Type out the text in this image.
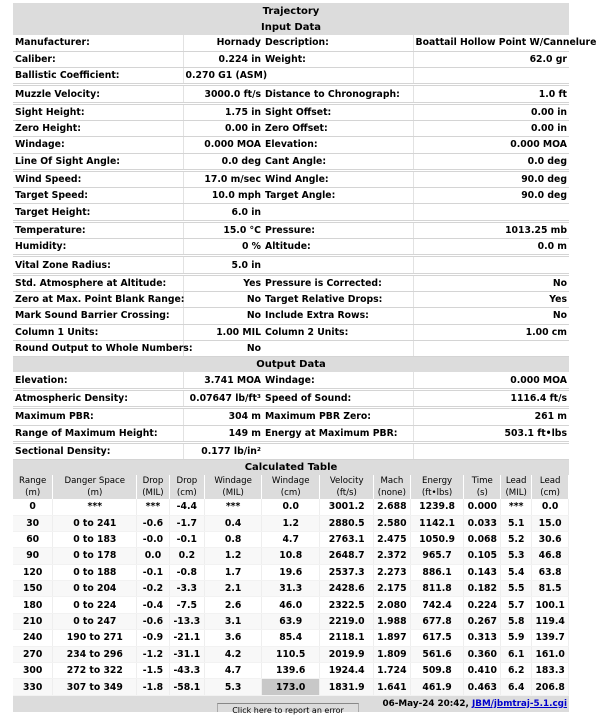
Trajectory
Input Data
Manufacturer:	Hornady	Description:	Boattail Hollow Point W/Cannelure
Caliber:	0.224 in	Weight:	62.0 gr
Ballistic Coefficient:	0.270 G1 (ASM)		

Muzzle Velocity:	3000.0 ft/s	Distance to Chronograph:	1.0 ft

Sight Height:	1.75 in	Sight Offset:	0.00 in
Zero Height:	0.00 in	Zero Offset:	0.00 in
Windage:	0.000 MOA	Elevation:	0.000 MOA
Line Of Sight Angle:	0.0 deg	Cant Angle:	0.0 deg

Wind Speed:	17.0 m/sec	Wind Angle:	90.0 deg
Target Speed:	10.0 mph	Target Angle:	90.0 deg
Target Height:	6.0 in		

Temperature:	15.0 °C	Pressure:	1013.25 mb
Humidity:	0 %	Altitude:	0.0 m

Vital Zone Radius:	5.0 in		

Std. Atmosphere at Altitude:	Yes	Pressure is Corrected:	No
Zero at Max. Point Blank Range:	No	Target Relative Drops:	Yes
Mark Sound Barrier Crossing:	No	Include Extra Rows:	No
Column 1 Units:	1.00 MIL	Column 2 Units:	1.00 cm
Round Output to Whole Numbers:	No		
Output Data
Elevation:	3.741 MOA	Windage:	0.000 MOA

Atmospheric Density:	0.07647 lb/ft³	Speed of Sound:	1116.4 ft/s

Maximum PBR:	304 m	Maximum PBR Zero:	261 m
Range of Maximum Height:	149 m	Energy at Maximum PBR:	503.1 ft•lbs

Sectional Density:	0.177 lb/in²		
Calculated Table
Range	Danger Space	Drop	Drop	Windage	Windage	Velocity	Mach	Energy	Time	Lead	Lead
(m)	(m)	(MIL)	(cm)	(MIL)	(cm)	(ft/s)	(none)	(ft•lbs)	(s)	(MIL)	(cm)
0	***	***	-4.4	***	0.0	3001.2	2.688	1239.8	0.000	***	0.0
30	0 to 241	-0.6	-1.7	0.4	1.2	2880.5	2.580	1142.1	0.033	5.1	15.0
60	0 to 183	-0.0	-0.1	0.8	4.7	2763.1	2.475	1050.9	0.068	5.2	30.6
90	0 to 178	0.0	0.2	1.2	10.8	2648.7	2.372	965.7	0.105	5.3	46.8
120	0 to 188	-0.1	-0.8	1.7	19.6	2537.3	2.273	886.1	0.143	5.4	63.8
150	0 to 204	-0.2	-3.3	2.1	31.3	2428.6	2.175	811.8	0.182	5.5	81.5
180	0 to 224	-0.4	-7.5	2.6	46.0	2322.5	2.080	742.4	0.224	5.7	100.1
210	0 to 247	-0.6	-13.3	3.1	63.9	2219.0	1.988	677.8	0.267	5.8	119.4
240	190 to 271	-0.9	-21.1	3.6	85.4	2118.1	1.897	617.5	0.313	5.9	139.7
270	234 to 296	-1.2	-31.1	4.2	110.5	2019.9	1.809	561.6	0.360	6.1	161.0
300	272 to 322	-1.5	-43.3	4.7	139.6	1924.4	1.724	509.8	0.410	6.2	183.3
330	307 to 349	-1.8	-58.1	5.3	173.0	1831.9	1.641	461.9	0.463	6.4	206.8
06-May-24 20:42, JBM/jbmtraj-5.1.cgi
Click here to report an error
